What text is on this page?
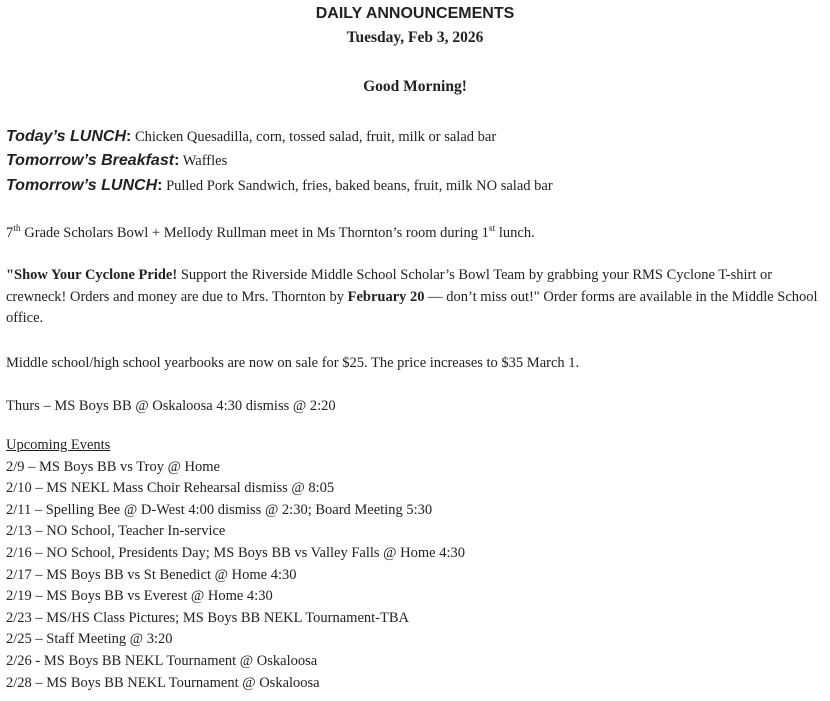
DAILY ANNOUNCEMENTS
Tuesday, Feb 3, 2026
Good Morning!
Today’s LUNCH: Chicken Quesadilla, corn, tossed salad, fruit, milk or salad bar
Tomorrow’s Breakfast: Waffles
Tomorrow’s LUNCH: Pulled Pork Sandwich, fries, baked beans, fruit, milk NO salad bar
7th Grade Scholars Bowl + Mellody Rullman meet in Ms Thornton’s room during 1st lunch.
"Show Your Cyclone Pride! Support the Riverside Middle School Scholar’s Bowl Team by grabbing your RMS Cyclone T-shirt or crewneck! Orders and money are due to Mrs. Thornton by February 20 — don’t miss out!" Order forms are available in the Middle School office.
Middle school/high school yearbooks are now on sale for $25. The price increases to $35 March 1.
Thurs – MS Boys BB @ Oskaloosa 4:30 dismiss @ 2:20
Upcoming Events
2/9 – MS Boys BB vs Troy @ Home
2/10 – MS NEKL Mass Choir Rehearsal dismiss @ 8:05
2/11 – Spelling Bee @ D-West 4:00 dismiss @ 2:30; Board Meeting 5:30
2/13 – NO School, Teacher In-service
2/16 – NO School, Presidents Day; MS Boys BB vs Valley Falls @ Home 4:30
2/17 – MS Boys BB vs St Benedict @ Home 4:30
2/19 – MS Boys BB vs Everest @ Home 4:30
2/23 – MS/HS Class Pictures; MS Boys BB NEKL Tournament-TBA
2/25 – Staff Meeting @ 3:20
2/26 - MS Boys BB NEKL Tournament @ Oskaloosa
2/28 – MS Boys BB NEKL Tournament @ Oskaloosa
